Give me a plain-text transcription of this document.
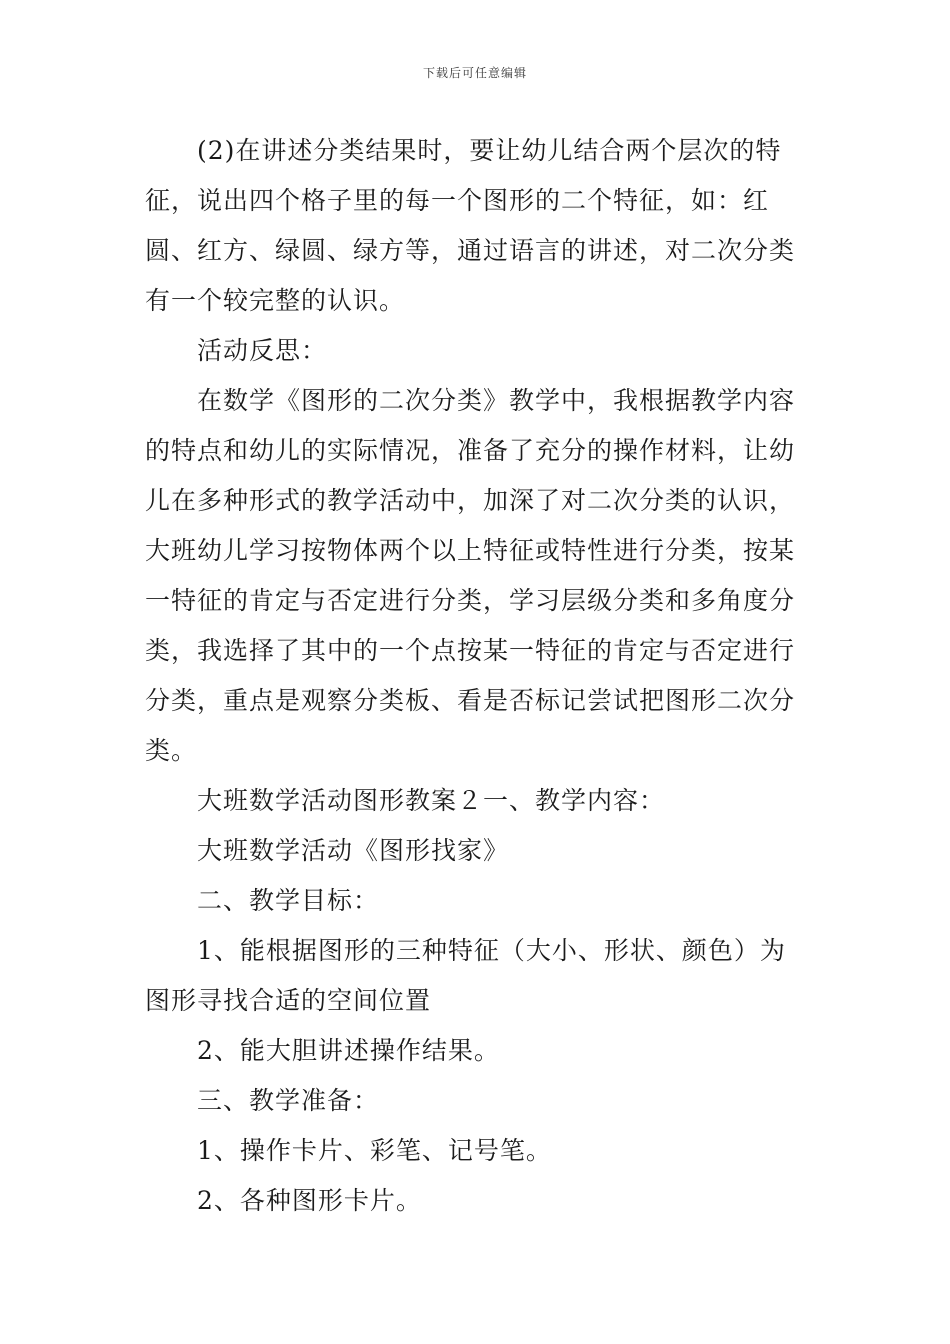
下载后可任意编辑

(2)在讲述分类结果时，要让幼儿结合两个层次的特征，说出四个格子里的每一个图形的二个特征，如：红圆、红方、绿圆、绿方等，通过语言的讲述，对二次分类有一个较完整的认识。

活动反思：

在数学《图形的二次分类》教学中，我根据教学内容的特点和幼儿的实际情况，准备了充分的操作材料，让幼儿在多种形式的教学活动中，加深了对二次分类的认识，大班幼儿学习按物体两个以上特征或特性进行分类，按某一特征的肯定与否定进行分类，学习层级分类和多角度分类，我选择了其中的一个点按某一特征的肯定与否定进行分类，重点是观察分类板、看是否标记尝试把图形二次分类。

大班数学活动图形教案２一、教学内容：

大班数学活动《图形找家》

二、教学目标：

1、能根据图形的三种特征（大小、形状、颜色）为图形寻找合适的空间位置

2、能大胆讲述操作结果。

三、教学准备：

1、操作卡片、彩笔、记号笔。

2、各种图形卡片。
